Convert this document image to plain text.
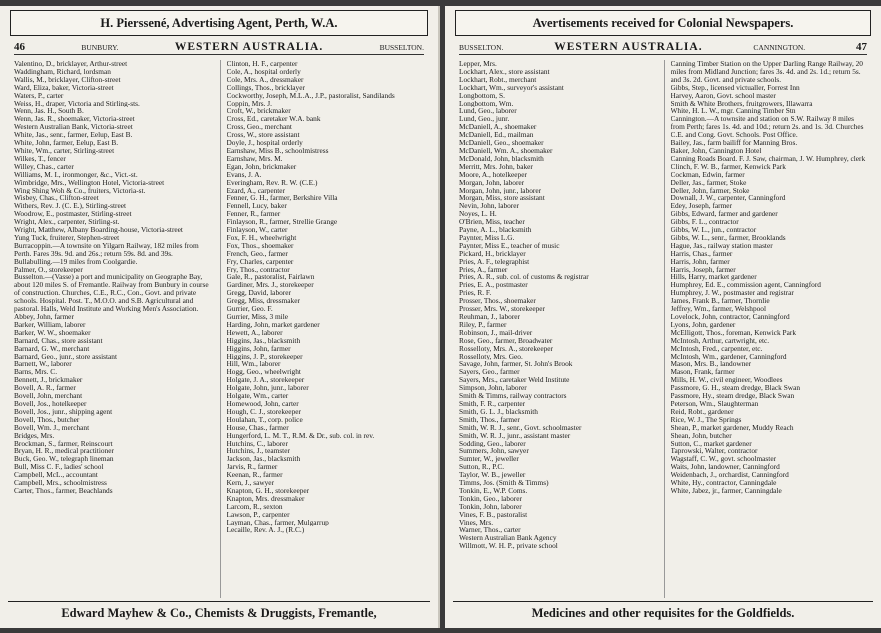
H. Pierssené, Advertising Agent, Perth, W.A.
46	BUNBURY.	WESTERN AUSTRALIA.	BUSSELTON.
Valentino, D., bricklayer, Arthur-street
Waddingham, Richard, lordsman
Wallis, M., bricklayer, Clifton-street
Ward, Eliza, baker, Victoria-street
Waters, P., carter
Weiss, H., draper, Victoria and Stirling-sts.
Wenn, Jas. H., South B.
Wenn, Jas. R., shoemaker, Victoria-street
Western Australian Bank, Victoria-street
White, Jas., senr., farmer, Eelup, East B.
White, John, farmer, Eelup, East B.
White, Wm., carter, Stirling-street
Wilkes, T., fencer
Willey, Chas., carter
Williams, M. I., ironmonger, &c., Vict.-st.
Wimbridge, Mrs., Wellington Hotel, Victoria-street
Wing Shing Woh & Co., fruiters, Victoria-st.
Wisbey, Chas., Clifton-street
Withers, Rev. J. (C. E.), Stirling-street
Woodrow, E., postmaster, Stirling-street
Wright, Alex., carpenter, Stirling-st.
Wright, Matthew, Albany Boarding-house, Victoria-street
Yung Tuck, fruiterer, Stephen-street
Burracoppin.—A townsite on Yilgarn Railway, 182 miles from Perth. Fares 39s. 9d. and 26s.; return 59s. 8d. and 39s.
Bullabulling.—19 miles from Coolgardie.
Palmer, O., storekeeper
Busselton.—(Vasse) a port and municipality on Geographe Bay, about 120 miles S. of Fremantle. Railway from Bunbury in course of construction. Churches, C.E., R.C., Con., Govt. and private schools. Hospital. Post. T., M.O.O. and S.B. Agricultural and pastoral. Halls, Weld Institute and Working Men's Association.
Abbey, John, farmer
Barker, William, laborer
Barker, W. W., shoemaker
Barnard, Chas., store assistant
Barnard, G. W., merchant
Barnard, Geo., junr., store assistant
Barnett, W., laborer
Barns, Mrs. C.
Bennett, J., brickmaker
Bovell, A. R., farmer
Bovell, John, merchant
Bovell, Jos., hotelkeeper
Bovell, Jos., junr., shipping agent
Bovell, Thos., butcher
Bovell, Wm. J., merchant
Bridges, Mrs.
Brockman, S., farmer, Reinscourt
Bryan, H. R., medical practitioner
Buck, Geo. W., telegraph lineman
Bull, Miss C. F., ladies' school
Campbell, McL., accountant
Campbell, Mrs., schoolmistress
Carter, Thos., farmer, Beachlands
Clinton, H. F., carpenter
Cole, A., hospital orderly
Cole, Mrs. A., dressmaker
Collings, Thos., bricklayer
Cockworthy, Joseph, M.L.A., J.P., pastoralist, Sandilands
Coppin, Mrs. J.
Croft, W., brickmaker
Cross, Ed., caretaker W.A. bank
Cross, Geo., merchant
Cross, W., store assistant
Doyle, J., hospital orderly
Earnshaw, Miss B., schoolmistress
Earnshaw, Mrs. M.
Egan, John, brickmaker
Evans, J. A.
Everingham, Rev. R. W. (C.E.)
Ezard, A., carpenter
Fenner, G. H., farmer, Berkshire Villa
Fennell, Lucy, baker
Fenner, R., farmer
Finlayson, R., farmer, Strellie Grange
Finlayson, W., carter
Fox, F. H., wheelwright
Fox, Thos., shoemaker
French, Geo., farmer
Fry, Charles, carpenter
Fry, Thos., contractor
Gale, R., pastoralist, Fairlawn
Gardiner, Mrs. J., storekeeper
Gregg, David, laborer
Gregg, Miss, dressmaker
Gurrier, Geo. F.
Gurrier, Miss, 3 mile
Harding, John, market gardener
Hewett, A., laborer
Higgins, Jas., blacksmith
Higgins, John, farmer
Higgins, J. P., storekeeper
Hill, Wm., laborer
Hogg, Geo., wheelwright
Holgate, J. A., storekeeper
Holgate, John, junr., laborer
Holgate, Wm., carter
Homewood, John, carter
Hough, C. J., storekeeper
Houlahan, T., corp. police
House, Chas., farmer
Hungerford, L. M. T., R.M. & Dr., sub. col. in rev.
Hutchins, C., laborer
Hutchins, J., teamster
Jackson, Jas., blacksmith
Jarvis, R., farmer
Keenan, R., farmer
Kern, J., sawyer
Knapton, G. H., storekeeper
Knapton, Mrs. dressmaker
Larcom, R., sexton
Lawson, P., carpenter
Layman, Chas., farmer, Mulgarrup
Lecaille, Rev. A. J., (R.C.)
Edward Mayhew & Co., Chemists & Druggists, Fremantle,
Avertisements received for Colonial Newspapers.
BUSSELTON.	WESTERN AUSTRALIA.	CANNINGTON.	47
Lepper, Mrs.
Lockhart, Alex., store assistant
Lockhart, Robt., merchant
Lockhart, Wm., surveyor's assistant
Longbottom, S.
Longbottom, Wm.
Lund, Geo., laborer
Lund, Geo., junr.
McDaniell, A., shoemaker
McDaniell, Ed., mailman
McDaniell, Geo., shoemaker
McDaniell, Wm. A., shoemaker
McDonald, John, blacksmith
Merritt, Mrs. John, baker
Moore, A., hotelkeeper
Morgan, John, laborer
Morgan, John, junr., laborer
Morgan, Miss, store assistant
Nevin, John, laborer
Noyes, L. H.
O'Brien, Miss, teacher
Payne, A. L., blacksmith
Paynter, Miss L.G.
Paynter, Miss E., teacher of music
Pickard, H., bricklayer
Pries, A. F., telegraphist
Pries, A., farmer
Pries, A. R., sub. col. of customs & registrar
Pries, E. A., postmaster
Pries, R. F.
Prosser, Thos., shoemaker
Prosser, Mrs. W., storekeeper
Reuhman, J., laborer
Riley, P., farmer
Robinson, J., mail-driver
Rose, Geo., farmer, Broadwater
Rosselloty, Mrs. A., storekeeper
Rosselloty, Mrs. Geo.
Savage, John, farmer, St. John's Brook
Sayers, Geo., farmer
Sayers, Mrs., caretaker Weld Institute
Simpson, John, laborer
Smith & Timms, railway contractors
Smith, F. R., carpenter
Smith, G. L. J., blacksmith
Smith, Thos., farmer
Smith, W. R. J., senr., Govt. schoolmaster
Smith, W. R. J., junr., assistant master
Sodding, Geo., laborer
Summers, John, sawyer
Sumter, W., jeweller
Sutton, R., P.C.
Taylor, W. B., jeweller
Timms, Jos. (Smith & Timms)
Tonkin, E., W.P. Coms.
Tonkin, Geo., laborer
Tonkin, John, laborer
Vines, F. B., pastoralist
Vines, Mrs.
Warner, Thos., carter
Western Australian Bank Agency
Willmott, W. H. P., private school
Canning Timber Station on the Upper Darling Range Railway, 20 miles from Midland Junction; fares 3s. 4d. and 2s. 1d.; return 5s. and 3s. 2d. Govt. and private schools.
Gibbs, Step., licensed victualler, Forrest Inn
Harvey, Aaron, Govt. school master
Smith & White Brothers, fruitgrowers, Illawarra
White, H. L. W., mgr. Canning Timber Stn
Cannington.—A townsite and station on S.W. Railway 8 miles from Perth; fares 1s. 4d. and 10d.; return 2s. and 1s. 3d. Churches C.E. and Cong. Govt. Schools. Post Office.
Bailey, Jas., farm bailiff for Manning Bros.
Baker, John, Cannington Hotel
Canning Roads Board. F. J. Saw, chairman, J. W. Humphrey, clerk
Clinch, F. W. B., farmer, Kenwick Park
Cockman, Edwin, farmer
Deller, Jas., farmer, Stoke
Deller, John, farmer, Stoke
Downall, J. W., carpenter, Canningford
Edey, Joseph, farmer
Gibbs, Edward, farmer and gardener
Gibbs, F. L., contractor
Gibbs, W. L., jun., contractor
Gibbs, W. L., senr., farmer, Brooklands
Hague, Jas., railway station master
Harris, Chas., farmer
Harris, John, farmer
Harris, Joseph, farmer
Hills, Harry, market gardener
Humphrey, Ed. E., commission agent, Canningford
Humphrey, J. W., postmaster and registrar
James, Frank B., farmer, Thornlie
Jeffrey, Wm., farmer, Welshpool
Lovelock, John, contractor, Canningford
Lyons, John, gardener
McElligott, Thos., foreman, Kenwick Park
McIntosh, Arthur, cartwright, etc.
McIntosh, Fred., carpenter, etc.
McIntosh, Wm., gardener, Canningford
Mason, Mrs. B., landowner
Mason, Frank, farmer
Mills, H. W., civil engineer, Woodlees
Passmore, G. H., steam dredge, Black Swan
Passmore, Hy., steam dredge, Black Swan
Peterson, Wm., Slaughterman
Reid, Robt., gardener
Rice, W. J., The Springs
Shean, P., market gardener, Muddy Reach
Shean, John, butcher
Sutton, C., market gardener
Taprowski, Walter, contractor
Wagstaff, C. W., govt. schoolmaster
Waits, John, landowner, Canningford
Weidenbach, J., orchardist, Canningford
White, Hy., contractor, Canningdale
White, Jabez, jr., farmer, Canningdale
Medicines and other requisites for the Goldfields.
